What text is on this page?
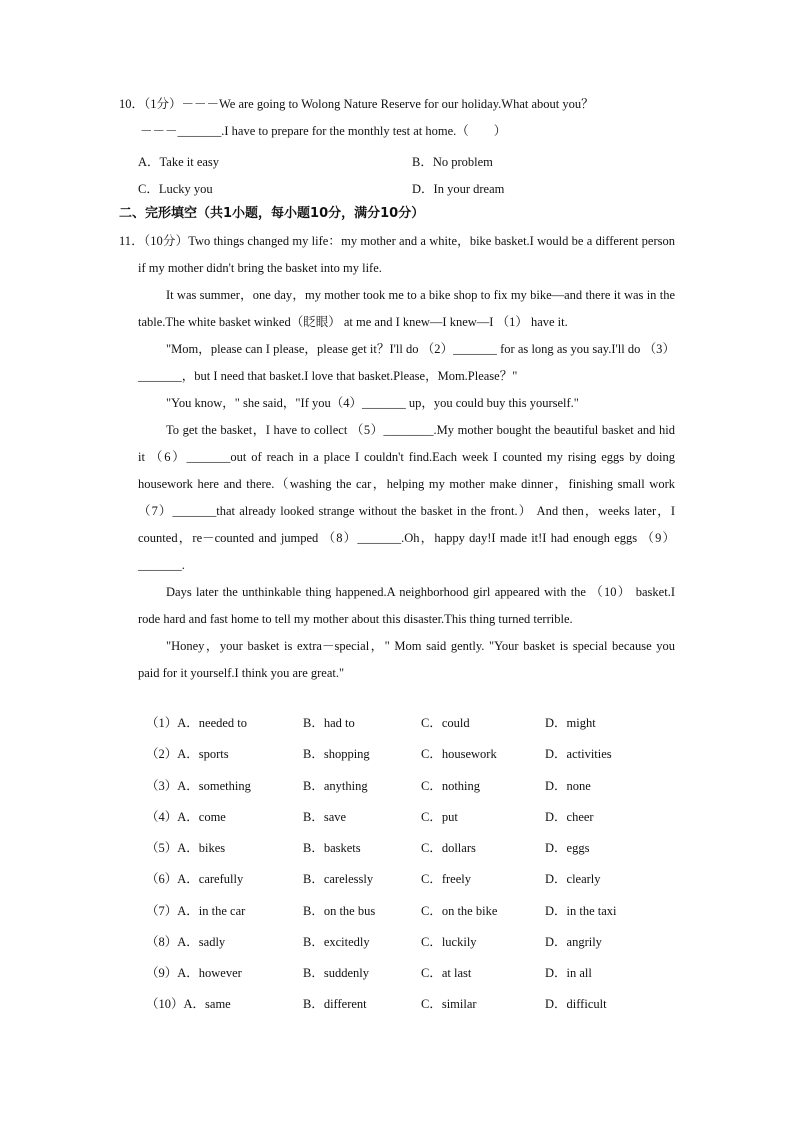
10．（1分）－－－We are going to Wolong Nature Reserve for our holiday.What about you？
－－－_______.I have to prepare for the monthly test at home.（　　）
A．Take it easy	B．No problem
C．Lucky you	D．In your dream
二、完形填空（共1小题，每小题10分，满分10分）

11．（10分）Two things changed my life：my mother and a white，bike basket.I would be a different person if my mother didn't bring the basket into my life.

It was summer，one day，my mother took me to a bike shop to fix my bike—and there it was in the table.The white basket winked（眨眼） at me and I knew—I knew—I （1） have it.

"Mom，please can I please，please get it？I'll do （2）_______ for as long as you say.I'll do （3）_______，but I need that basket.I love that basket.Please，Mom.Please？"

"You know，" she said，"If you（4）_______ up，you could buy this yourself."

To get the basket，I have to collect （5）________.My mother bought the beautiful basket and hid it （6）_______out of reach in a place I couldn't find.Each week I counted my rising eggs by doing housework here and there.（washing the car，helping my mother make dinner，finishing small work （7）_______that already looked strange without the basket in the front.） And then，weeks later，I counted，re－counted and jumped （8）_______.Oh，happy day!I made it!I had enough eggs （9）_______.

Days later the unthinkable thing happened.A neighborhood girl appeared with the （10） basket.I rode hard and fast home to tell my mother about this disaster.This thing turned terrible.

"Honey，your basket is extra－special，" Mom said gently. "Your basket is special because you paid for it yourself.I think you are great."

（1）A．needed to	B．had to	C．could	D．might
（2）A．sports	B．shopping	C．housework	D．activities
（3）A．something	B．anything	C．nothing	D．none
（4）A．come	B．save	C．put	D．cheer
（5）A．bikes	B．baskets	C．dollars	D．eggs
（6）A．carefully	B．carelessly	C．freely	D．clearly
（7）A．in the car	B．on the bus	C．on the bike	D．in the taxi
（8）A．sadly	B．excitedly	C．luckily	D．angrily
（9）A．however	B．suddenly	C．at last	D．in all
（10）A．same	B．different	C．similar	D．difficult
